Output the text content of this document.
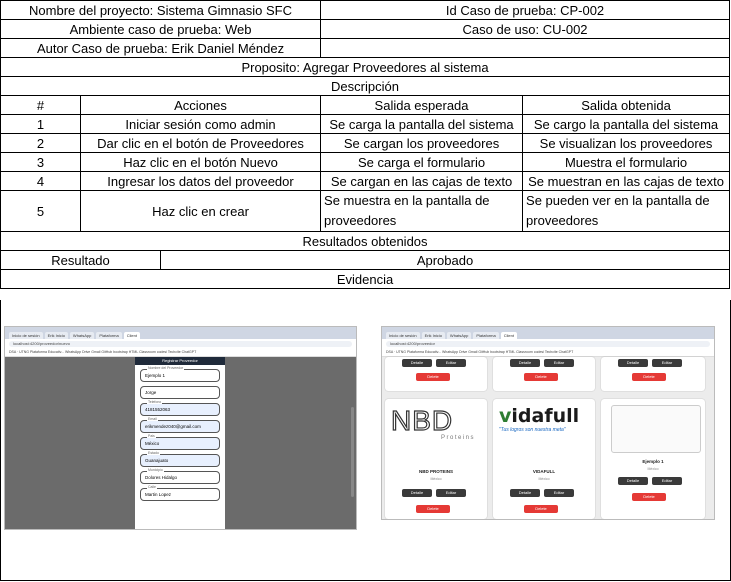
Nombre del proyecto: Sistema Gimnasio SFC			Id Caso de prueba: CP-002	
Ambiente caso de prueba: Web			Caso de uso: CU-002	
Autor Caso de prueba: Erik Daniel Méndez				
Proposito: Agregar Proveedores al sistema				
Descripción				
#	Acciones		Salida esperada	Salida obtenida
1	Iniciar sesión como admin		Se carga la pantalla del sistema	Se cargo la pantalla del sistema
2	Dar clic en el botón de Proveedores		Se cargan los proveedores	Se visualizan los proveedores
3	Haz clic en el botón Nuevo		Se carga el formulario	Muestra el formulario
4	Ingresar los datos del proveedor		Se cargan en las cajas de texto	Se muestran en las cajas de texto
5	Haz clic en crear		Se muestra en la pantalla de proveedores	Se pueden ver en la pantalla de proveedores
Resultados obtenidos				
Resultado		Aprobado		
Evidencia				
Inicio de sesión	Erik Inicio	WhatsApp	Plataforma	Client
localhost:4200/proveedor/nuevo
DSA · UTNG Plataforma Educativ... WhatsApp Drive Gmail GitHub bootstrap HTML Classroom codesi Techcite ChatGPT
Registrar Proveedor
Nombre del Proveedor
Ejemplo 1
Jorge
Telefono
4181552063
Email
erikmendez040@gmail.com
Pais
México
Estado
Guanajuato
Municipio
Dolores Hidalgo
Calle
Martin Lopez
Inicio de sesión	Erik Inicio	WhatsApp	Plataforma	Client
localhost:4200/proveedor
DSA · UTNG Plataforma Educativ... WhatsApp Drive Gmail GitHub bootstrap HTML Classroom codesi Techcite ChatGPT
Detalle	Editar
Delete
Detalle	Editar
Delete
Detalle	Editar
Delete
NBD
Proteins
NBD PROTEINS
México
Detalle	Editar
Delete
vidafull
"Tus logros son nuestra meta"
VIDAFULL
México
Detalle	Editar
Delete
Ejemplo 1
México
Detalle	Editar
Delete
